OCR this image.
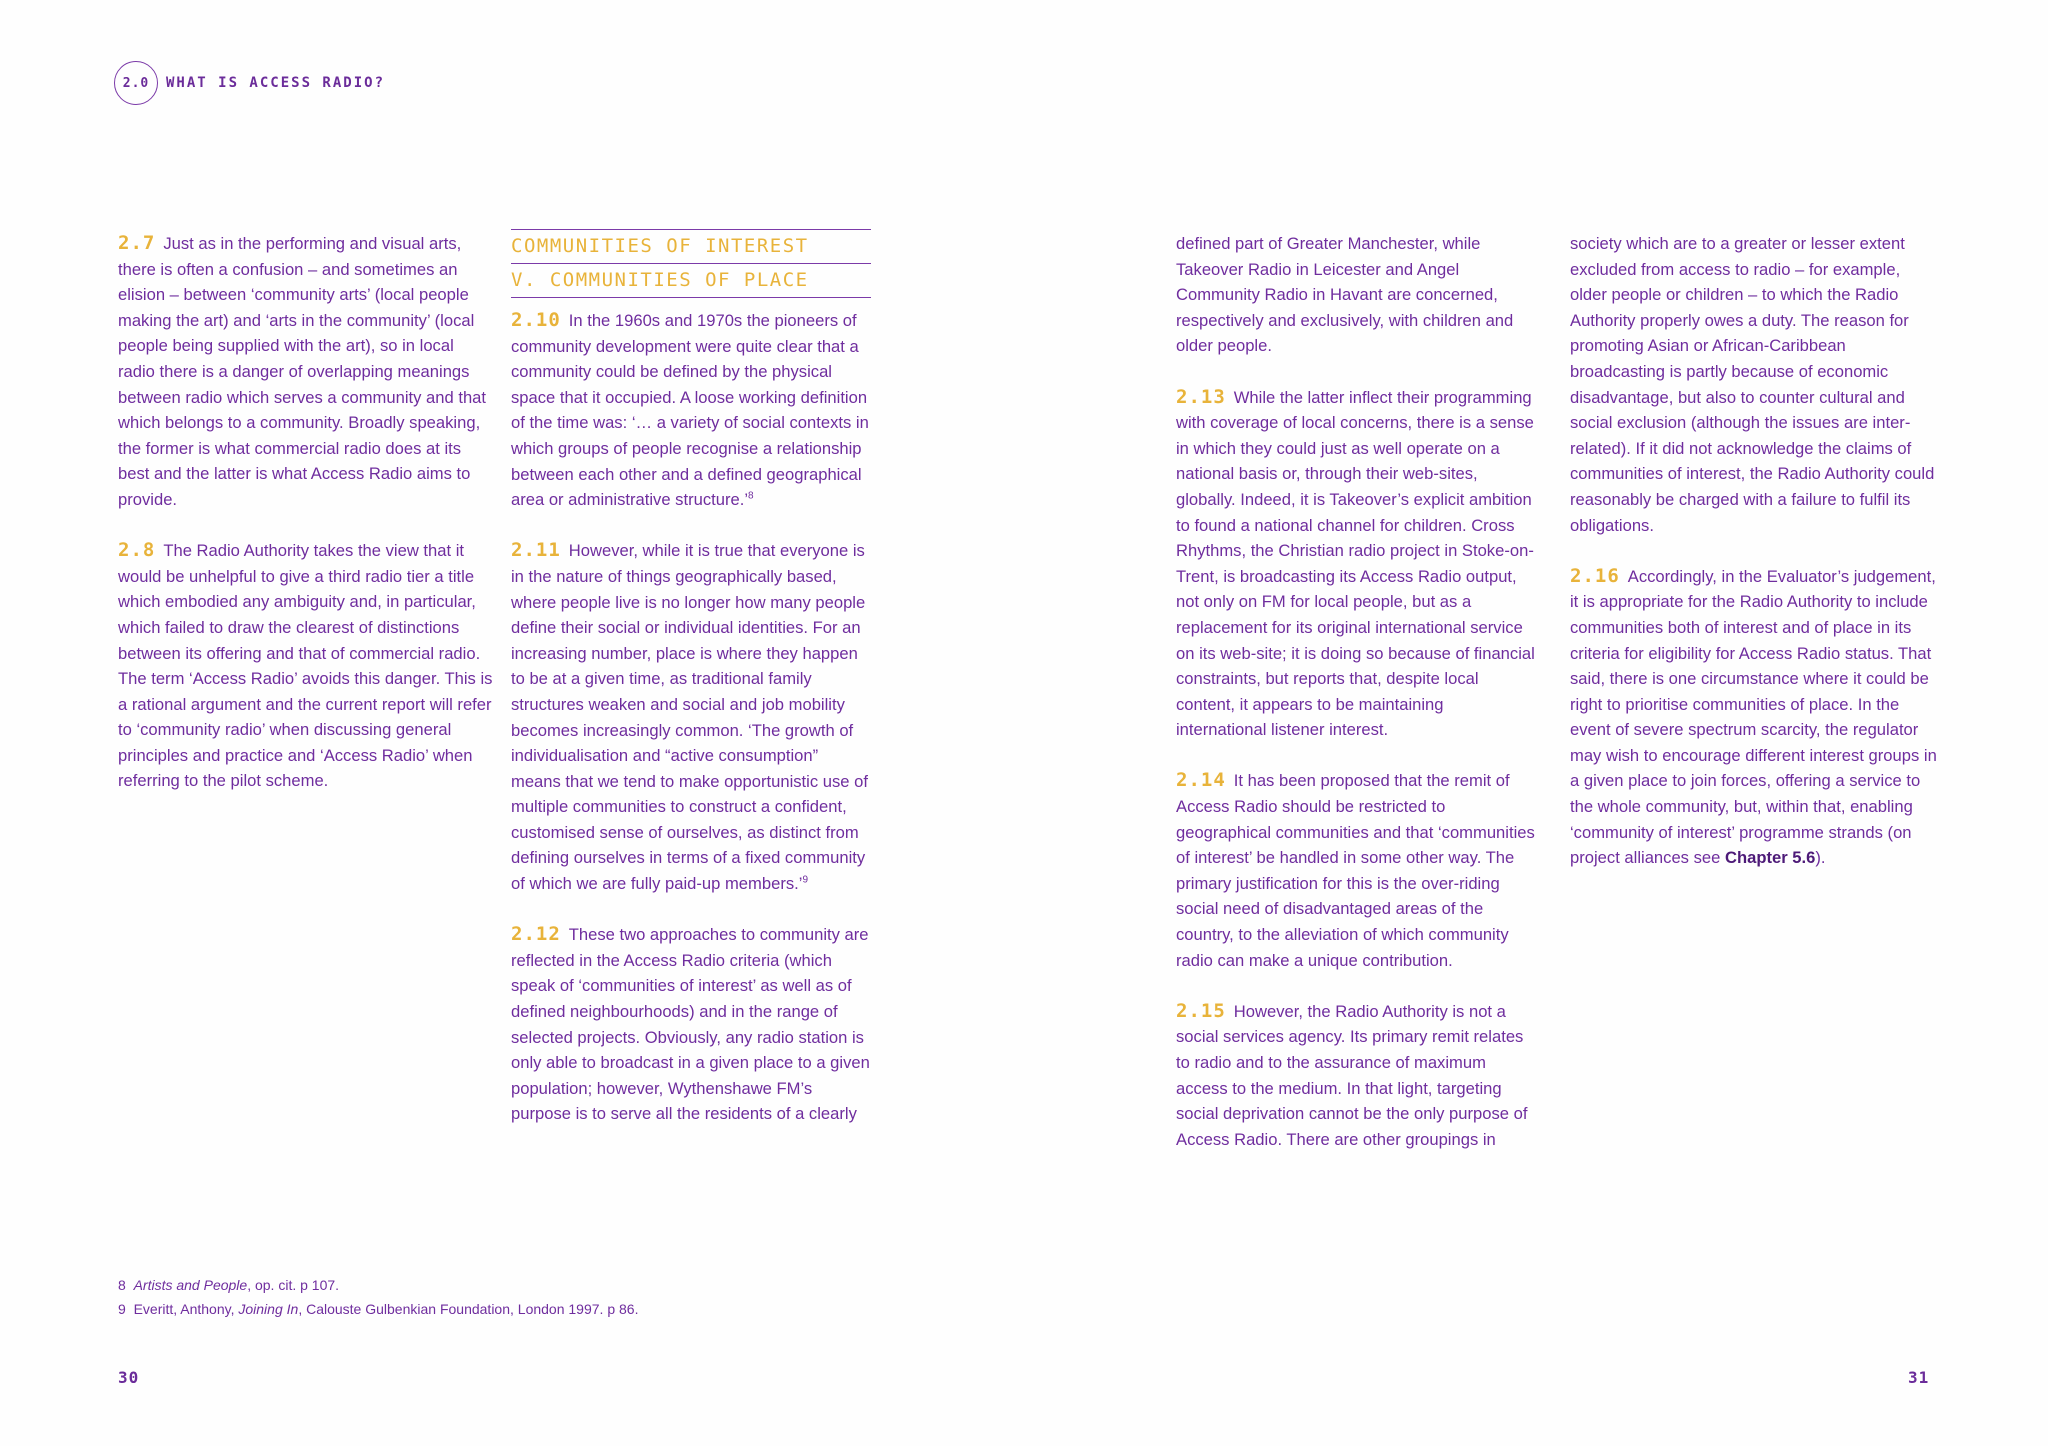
2.0	WHAT IS ACCESS RADIO?

2.7 Just as in the performing and visual arts, there is often a confusion – and sometimes an elision – between ‘community arts’ (local people making the art) and ‘arts in the community’ (local people being supplied with the art), so in local radio there is a danger of overlapping meanings between radio which serves a community and that which belongs to a community. Broadly speaking, the former is what commercial radio does at its best and the latter is what Access Radio aims to provide.

2.8 The Radio Authority takes the view that it would be unhelpful to give a third radio tier a title which embodied any ambiguity and, in particular, which failed to draw the clearest of distinctions between its offering and that of commercial radio. The term ‘Access Radio’ avoids this danger. This is a rational argument and the current report will refer to ‘community radio’ when discussing general principles and practice and ‘Access Radio’ when referring to the pilot scheme.

COMMUNITIES OF INTEREST
V. COMMUNITIES OF PLACE

2.10 In the 1960s and 1970s the pioneers of community development were quite clear that a community could be defined by the physical space that it occupied. A loose working definition of the time was: ‘… a variety of social contexts in which groups of people recognise a relationship between each other and a defined geographical area or administrative structure.’$^8$

2.11 However, while it is true that everyone is in the nature of things geographically based, where people live is no longer how many people define their social or individual identities. For an increasing number, place is where they happen to be at a given time, as traditional family structures weaken and social and job mobility becomes increasingly common. ‘The growth of individualisation and “active consumption” means that we tend to make opportunistic use of multiple communities to construct a confident, customised sense of ourselves, as distinct from defining ourselves in terms of a fixed community of which we are fully paid-up members.’$^9$

2.12 These two approaches to community are reflected in the Access Radio criteria (which speak of ‘communities of interest’ as well as of defined neighbourhoods) and in the range of selected projects. Obviously, any radio station is only able to broadcast in a given place to a given population; however, Wythenshawe FM’s purpose is to serve all the residents of a clearly

defined part of Greater Manchester, while Takeover Radio in Leicester and Angel Community Radio in Havant are concerned, respectively and exclusively, with children and older people.

2.13 While the latter inflect their programming with coverage of local concerns, there is a sense in which they could just as well operate on a national basis or, through their web-sites, globally. Indeed, it is Takeover’s explicit ambition to found a national channel for children. Cross Rhythms, the Christian radio project in Stoke-on-Trent, is broadcasting its Access Radio output, not only on FM for local people, but as a replacement for its original international service on its web-site; it is doing so because of financial constraints, but reports that, despite local content, it appears to be maintaining international listener interest.

2.14 It has been proposed that the remit of Access Radio should be restricted to geographical communities and that ‘communities of interest’ be handled in some other way. The primary justification for this is the over-riding social need of disadvantaged areas of the country, to the alleviation of which community radio can make a unique contribution.

2.15 However, the Radio Authority is not a social services agency. Its primary remit relates to radio and to the assurance of maximum access to the medium. In that light, targeting social deprivation cannot be the only purpose of Access Radio. There are other groupings in

society which are to a greater or lesser extent excluded from access to radio – for example, older people or children – to which the Radio Authority properly owes a duty. The reason for promoting Asian or African-Caribbean broadcasting is partly because of economic disadvantage, but also to counter cultural and social exclusion (although the issues are inter-related). If it did not acknowledge the claims of communities of interest, the Radio Authority could reasonably be charged with a failure to fulfil its obligations.

2.16 Accordingly, in the Evaluator’s judgement, it is appropriate for the Radio Authority to include communities both of interest and of place in its criteria for eligibility for Access Radio status. That said, there is one circumstance where it could be right to prioritise communities of place. In the event of severe spectrum scarcity, the regulator may wish to encourage different interest groups in a given place to join forces, offering a service to the whole community, but, within that, enabling ‘community of interest’ programme strands (on project alliances see Chapter 5.6).

8 Artists and People, op. cit. p 107.
9 Everitt, Anthony, Joining In, Calouste Gulbenkian Foundation, London 1997. p 86.
30	31
